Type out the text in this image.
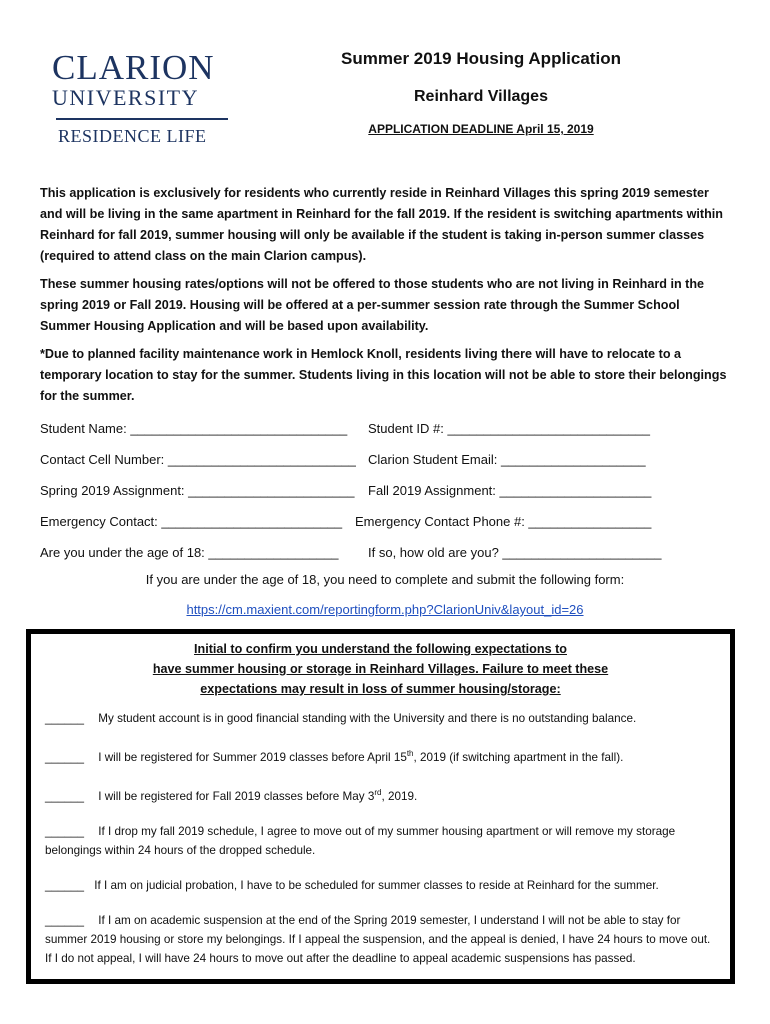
CLARION
UNIVERSITY
RESIDENCE LIFE
Summer 2019 Housing Application
Reinhard Villages
APPLICATION DEADLINE April 15, 2019

This application is exclusively for residents who currently reside in Reinhard Villages this spring 2019 semester and will be living in the same apartment in Reinhard for the fall 2019. If the resident is switching apartments within Reinhard for fall 2019, summer housing will only be available if the student is taking in-person summer classes (required to attend class on the main Clarion campus).

These summer housing rates/options will not be offered to those students who are not living in Reinhard in the spring 2019 or Fall 2019. Housing will be offered at a per-summer session rate through the Summer School Summer Housing Application and will be based upon availability.

*Due to planned facility maintenance work in Hemlock Knoll, residents living there will have to relocate to a temporary location to stay for the summer. Students living in this location will not be able to store their belongings for the summer.

Student Name: ______________________________ Student ID #: ____________________________
Contact Cell Number: __________________________ Clarion Student Email: ____________________
Spring 2019 Assignment: _______________________ Fall 2019 Assignment: _____________________
Emergency Contact: _________________________ Emergency Contact Phone #: _________________
Are you under the age of 18: __________________ If so, how old are you? ______________________
If you are under the age of 18, you need to complete and submit the following form:
https://cm.maxient.com/reportingform.php?ClarionUniv&layout_id=26
Initial to confirm you understand the following expectations to
have summer housing or storage in Reinhard Villages. Failure to meet these
expectations may result in loss of summer housing/storage:
______ My student account is in good financial standing with the University and there is no outstanding balance.
______ I will be registered for Summer 2019 classes before April 15th, 2019 (if switching apartment in the fall).
______ I will be registered for Fall 2019 classes before May 3rd, 2019.
______ If I drop my fall 2019 schedule, I agree to move out of my summer housing apartment or will remove my storage belongings within 24 hours of the dropped schedule.
______ If I am on judicial probation, I have to be scheduled for summer classes to reside at Reinhard for the summer.
______ If I am on academic suspension at the end of the Spring 2019 semester, I understand I will not be able to stay for summer 2019 housing or store my belongings. If I appeal the suspension, and the appeal is denied, I have 24 hours to move out. If I do not appeal, I will have 24 hours to move out after the deadline to appeal academic suspensions has passed.
